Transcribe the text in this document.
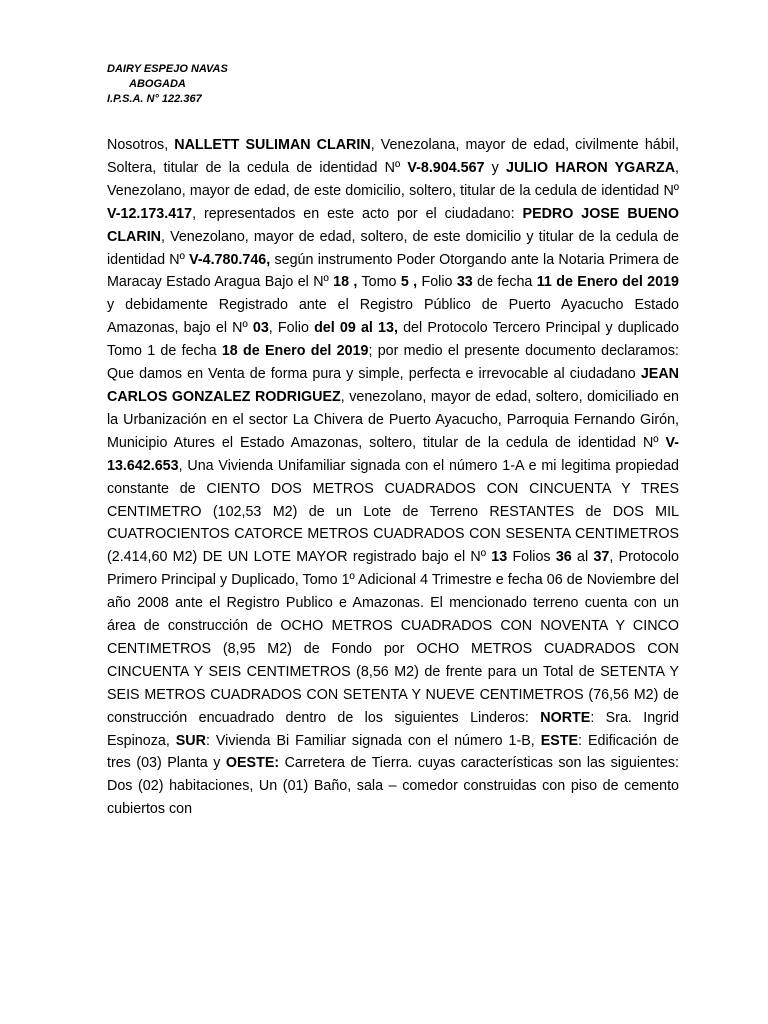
DAIRY ESPEJO NAVAS
ABOGADA
I.P.S.A. N° 122.367
Nosotros, NALLETT SULIMAN CLARIN, Venezolana, mayor de edad, civilmente hábil, Soltera, titular de la cedula de identidad Nº V-8.904.567 y JULIO HARON YGARZA, Venezolano, mayor de edad, de este domicilio, soltero, titular de la cedula de identidad Nº V-12.173.417, representados en este acto por el ciudadano: PEDRO JOSE BUENO CLARIN, Venezolano, mayor de edad, soltero, de este domicilio y titular de la cedula de identidad Nº V-4.780.746, según instrumento Poder Otorgando ante la Notaria Primera de Maracay Estado Aragua Bajo el Nº 18 , Tomo 5 , Folio 33 de fecha 11 de Enero del 2019 y debidamente Registrado ante el Registro Público de Puerto Ayacucho Estado Amazonas, bajo el Nº 03, Folio del 09 al 13, del Protocolo Tercero Principal y duplicado Tomo 1 de fecha 18 de Enero del 2019; por medio el presente documento declaramos: Que damos en Venta de forma pura y simple, perfecta e irrevocable al ciudadano JEAN CARLOS GONZALEZ RODRIGUEZ, venezolano, mayor de edad, soltero, domiciliado en la Urbanización en el sector La Chivera de Puerto Ayacucho, Parroquia Fernando Girón, Municipio Atures el Estado Amazonas, soltero, titular de la cedula de identidad Nº V-13.642.653, Una Vivienda Unifamiliar signada con el número 1-A e mi legitima propiedad constante de CIENTO DOS METROS CUADRADOS CON CINCUENTA Y TRES CENTIMETRO (102,53 M2) de un Lote de Terreno RESTANTES de DOS MIL CUATROCIENTOS CATORCE METROS CUADRADOS CON SESENTA CENTIMETROS (2.414,60 M2) DE UN LOTE MAYOR registrado bajo el Nº 13 Folios 36 al 37, Protocolo Primero Principal y Duplicado, Tomo 1º Adicional 4 Trimestre e fecha 06 de Noviembre del año 2008 ante el Registro Publico e Amazonas. El mencionado terreno cuenta con un área de construcción de OCHO METROS CUADRADOS CON NOVENTA Y CINCO CENTIMETROS (8,95 M2) de Fondo por OCHO METROS CUADRADOS CON CINCUENTA Y SEIS CENTIMETROS (8,56 M2) de frente para un Total de SETENTA Y SEIS METROS CUADRADOS CON SETENTA Y NUEVE CENTIMETROS (76,56 M2) de construcción encuadrado dentro de los siguientes Linderos: NORTE: Sra. Ingrid Espinoza, SUR: Vivienda Bi Familiar signada con el número 1-B, ESTE: Edificación de tres (03) Planta y OESTE: Carretera de Tierra. cuyas características son las siguientes: Dos (02) habitaciones, Un (01) Baño, sala – comedor construidas con piso de cemento cubiertos con
